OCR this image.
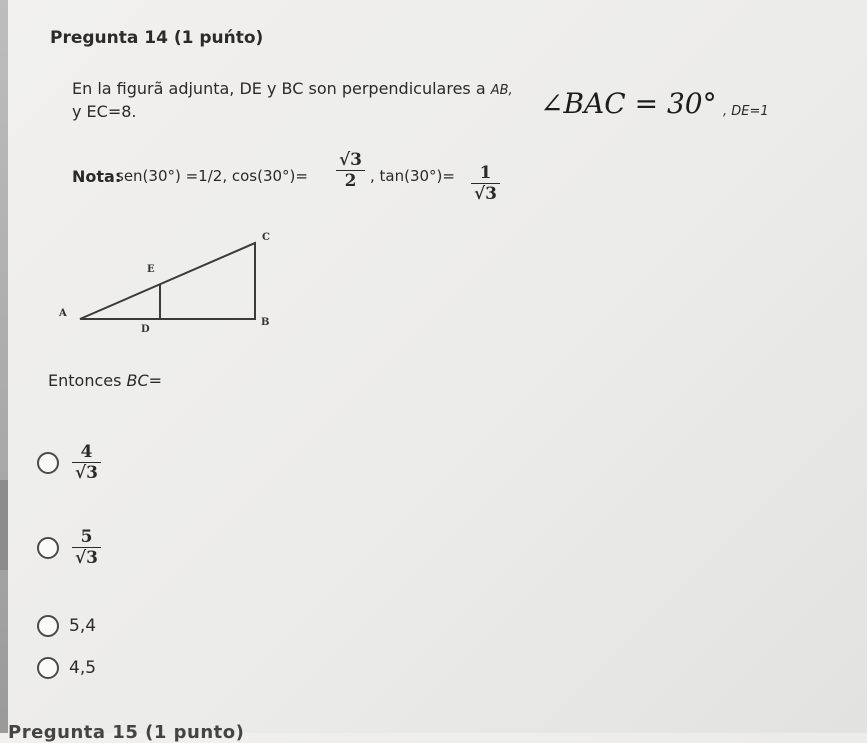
Pregunta 14 (1 puńto)
En la figurã adjunta, DE y BC son perpendiculares a AB, ∠BAC = 30° , DE=1
y EC=8.
Nota:
sen(30°) =1/2, $\cos(30^\circ)= \frac{√3}{2}$ , $\tan(30^\circ)= \frac{1}{√3}$
A
B
C
D
E
Entonces BC=
$\frac{4}{√3}$
$\frac{5}{√3}$
5,4
4,5
Pregunta 15 (1 punto)
